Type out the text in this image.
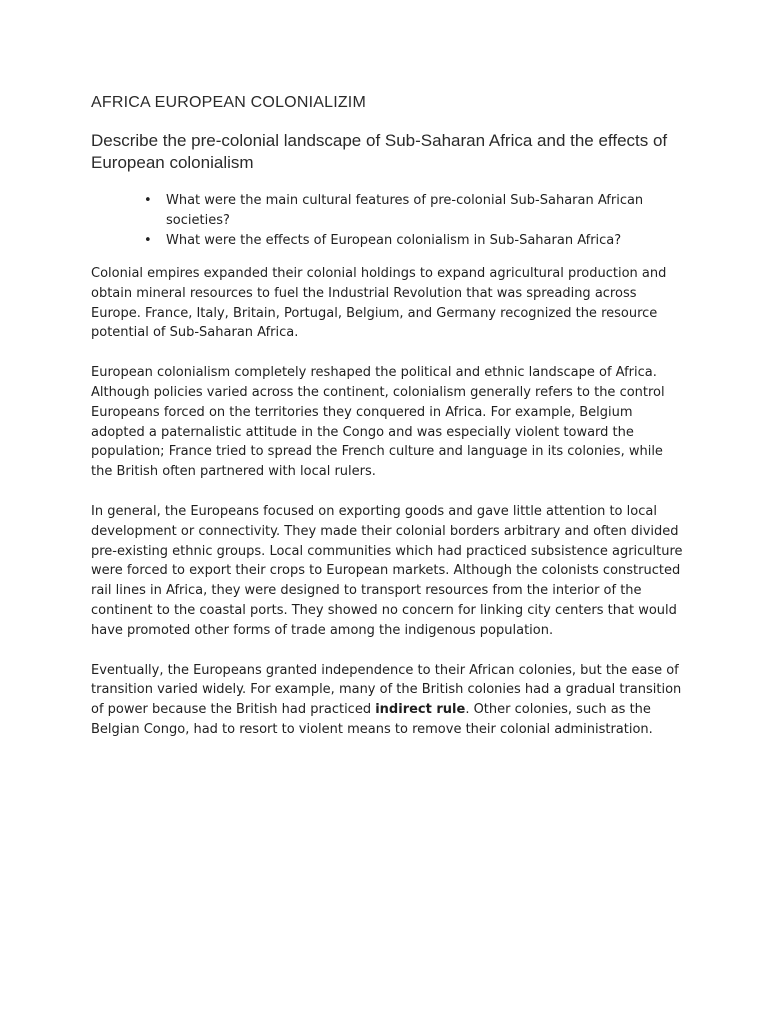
AFRICA EUROPEAN COLONIALIZIM
Describe the pre-colonial landscape of Sub-Saharan Africa and the effects of European colonialism
• What were the main cultural features of pre-colonial Sub-Saharan African societies?
• What were the effects of European colonialism in Sub-Saharan Africa?

Colonial empires expanded their colonial holdings to expand agricultural production and obtain mineral resources to fuel the Industrial Revolution that was spreading across Europe. France, Italy, Britain, Portugal, Belgium, and Germany recognized the resource potential of Sub-Saharan Africa.

European colonialism completely reshaped the political and ethnic landscape of Africa. Although policies varied across the continent, colonialism generally refers to the control Europeans forced on the territories they conquered in Africa. For example, Belgium adopted a paternalistic attitude in the Congo and was especially violent toward the population; France tried to spread the French culture and language in its colonies, while the British often partnered with local rulers.

In general, the Europeans focused on exporting goods and gave little attention to local development or connectivity. They made their colonial borders arbitrary and often divided pre-existing ethnic groups. Local communities which had practiced subsistence agriculture were forced to export their crops to European markets. Although the colonists constructed rail lines in Africa, they were designed to transport resources from the interior of the continent to the coastal ports. They showed no concern for linking city centers that would have promoted other forms of trade among the indigenous population.

Eventually, the Europeans granted independence to their African colonies, but the ease of transition varied widely. For example, many of the British colonies had a gradual transition of power because the British had practiced indirect rule. Other colonies, such as the Belgian Congo, had to resort to violent means to remove their colonial administration.
